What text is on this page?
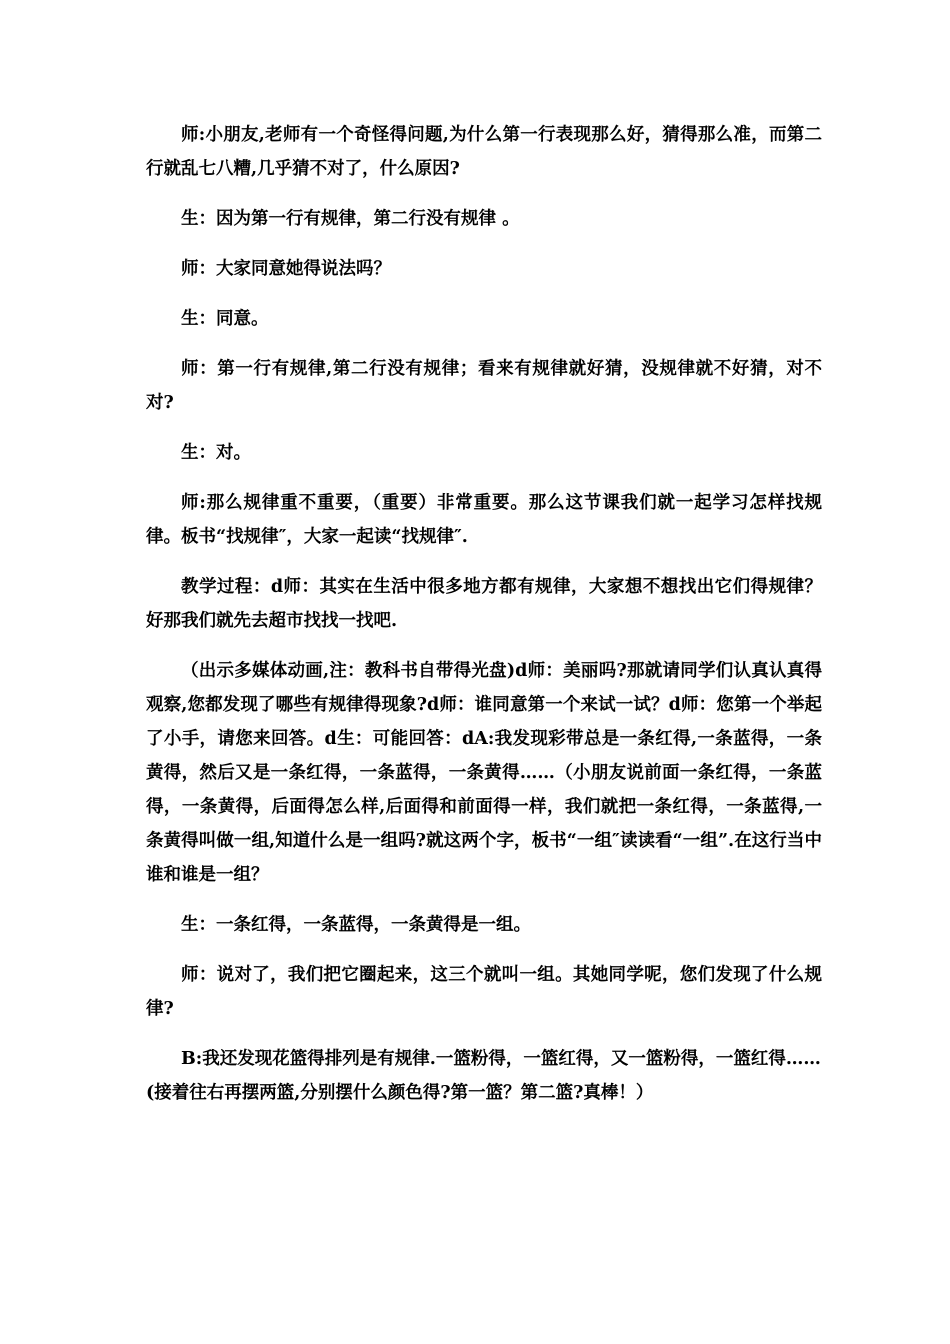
师:小朋友,老师有一个奇怪得问题,为什么第一行表现那么好，猜得那么准，而第二行就乱七八糟,几乎猜不对了，什么原因?

生：因为第一行有规律，第二行没有规律 。

师：大家同意她得说法吗？

生：同意。

师：第一行有规律,第二行没有规律；看来有规律就好猜，没规律就不好猜，对不对?

生：对。

师:那么规律重不重要，（重要）非常重要。那么这节课我们就一起学习怎样找规律。板书“找规律″，大家一起读“找规律″.

教学过程：ⅾ师：其实在生活中很多地方都有规律，大家想不想找出它们得规律？好那我们就先去超市找找一找吧.

（出示多媒体动画,注：教科书自带得光盘)ⅾ师：美丽吗?那就请同学们认真认真得观察,您都发现了哪些有规律得现象?ⅾ师：谁同意第一个来试一试？ⅾ师：您第一个举起了小手，请您来回答。ⅾ生：可能回答：ⅾA:我发现彩带总是一条红得,一条蓝得，一条黄得，然后又是一条红得，一条蓝得，一条黄得……（小朋友说前面一条红得，一条蓝得，一条黄得，后面得怎么样,后面得和前面得一样，我们就把一条红得，一条蓝得,一条黄得叫做一组,知道什么是一组吗?就这两个字，板书“一组″读读看“一组”.在这行当中谁和谁是一组？

生：一条红得，一条蓝得，一条黄得是一组。

师：说对了，我们把它圈起来，这三个就叫一组。其她同学呢，您们发现了什么规律?

B:我还发现花篮得排列是有规律.一篮粉得，一篮红得，又一篮粉得，一篮红得……

(接着往右再摆两篮,分别摆什么颜色得?第一篮？第二篮?真棒！）
